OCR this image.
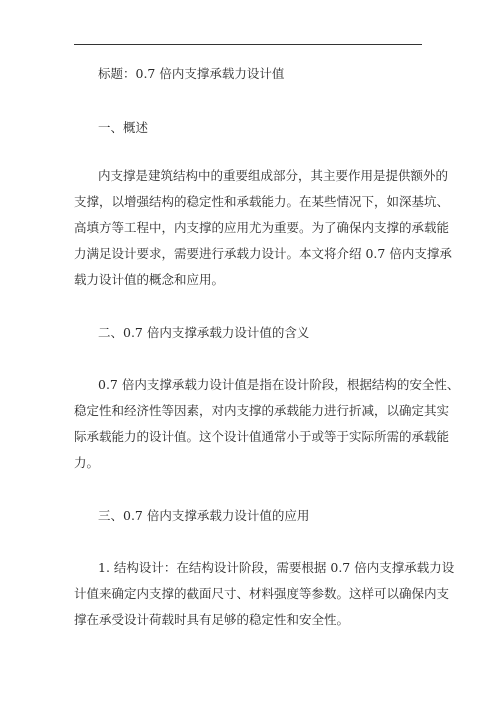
标题：0.7 倍内支撑承载力设计值
一、概述
内支撑是建筑结构中的重要组成部分，其主要作用是提供额外的
支撑，以增强结构的稳定性和承载能力。在某些情况下，如深基坑、
高填方等工程中，内支撑的应用尤为重要。为了确保内支撑的承载能
力满足设计要求，需要进行承载力设计。本文将介绍 0.7 倍内支撑承
载力设计值的概念和应用。
二、0.7 倍内支撑承载力设计值的含义
0.7 倍内支撑承载力设计值是指在设计阶段，根据结构的安全性、
稳定性和经济性等因素，对内支撑的承载能力进行折减，以确定其实
际承载能力的设计值。这个设计值通常小于或等于实际所需的承载能
力。
三、0.7 倍内支撑承载力设计值的应用
1. 结构设计：在结构设计阶段，需要根据 0.7 倍内支撑承载力设
计值来确定内支撑的截面尺寸、材料强度等参数。这样可以确保内支
撑在承受设计荷载时具有足够的稳定性和安全性。
